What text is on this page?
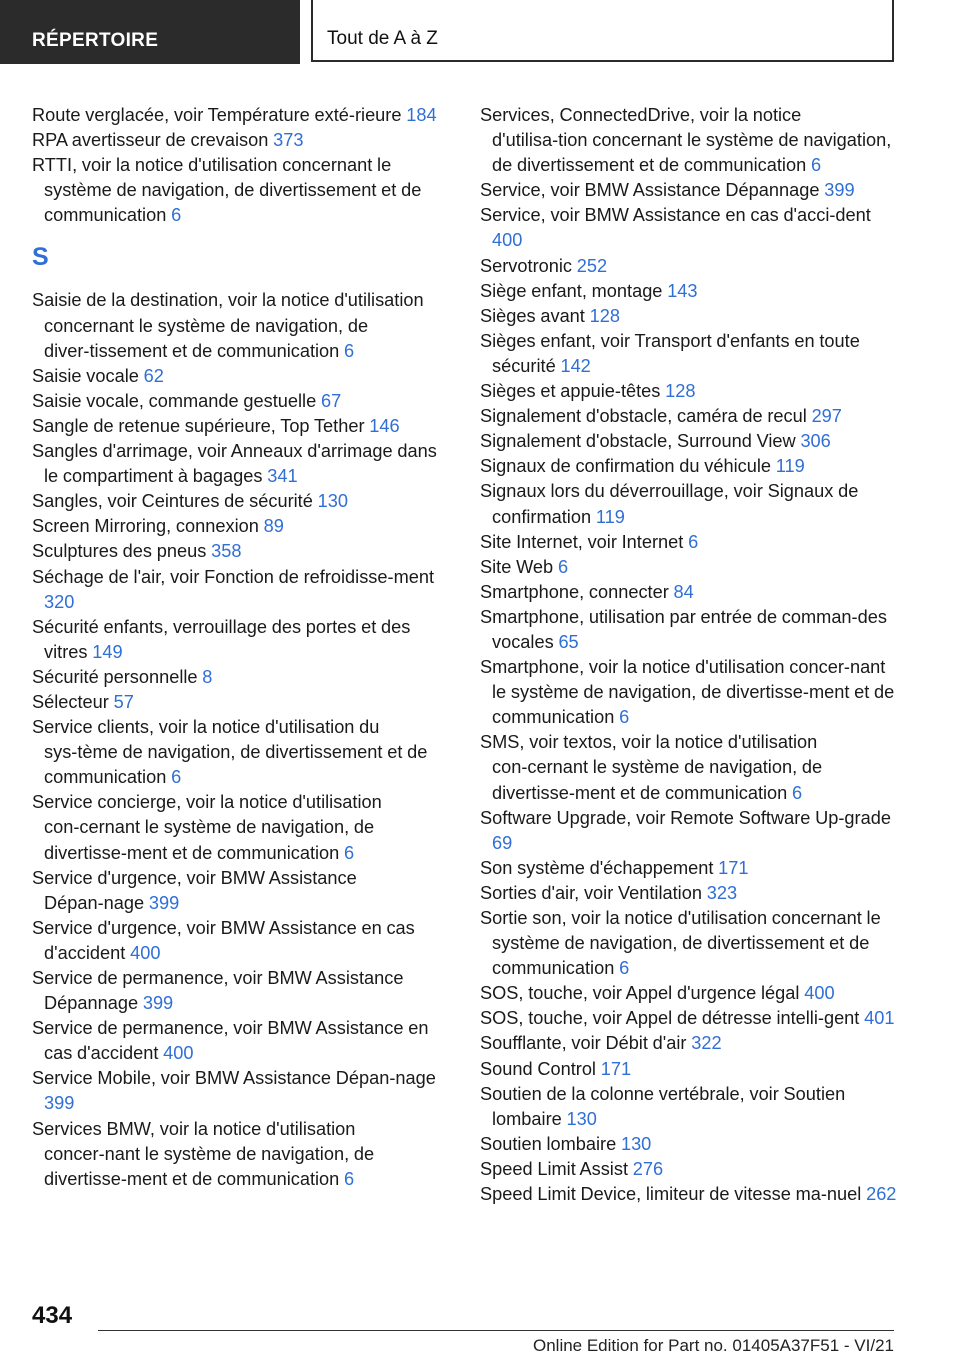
RÉPERTOIRE	Tout de A à Z

Route verglacée, voir Température exté‑rieure 184

RPA avertisseur de crevaison 373

RTTI, voir la notice d'utilisation concernant le système de navigation, de divertissement et de communication 6

S

Saisie de la destination, voir la notice d'utilisation concernant le système de navigation, de diver‑tissement et de communication 6

Saisie vocale 62

Saisie vocale, commande gestuelle 67

Sangle de retenue supérieure, Top Tether 146

Sangles d'arrimage, voir Anneaux d'arrimage dans le compartiment à bagages 341

Sangles, voir Ceintures de sécurité 130

Screen Mirroring, connexion 89

Sculptures des pneus 358

Séchage de l'air, voir Fonction de refroidisse‑ment 320

Sécurité enfants, verrouillage des portes et des vitres 149

Sécurité personnelle 8

Sélecteur 57

Service clients, voir la notice d'utilisation du sys‑tème de navigation, de divertissement et de communication 6

Service concierge, voir la notice d'utilisation con‑cernant le système de navigation, de divertisse‑ment et de communication 6

Service d'urgence, voir BMW Assistance Dépan‑nage 399

Service d'urgence, voir BMW Assistance en cas d'accident 400

Service de permanence, voir BMW Assistance Dépannage 399

Service de permanence, voir BMW Assistance en cas d'accident 400

Service Mobile, voir BMW Assistance Dépan‑nage 399

Services BMW, voir la notice d'utilisation concer‑nant le système de navigation, de divertisse‑ment et de communication 6

Services, ConnectedDrive, voir la notice d'utilisa‑tion concernant le système de navigation, de divertissement et de communication 6

Service, voir BMW Assistance Dépannage 399

Service, voir BMW Assistance en cas d'acci‑dent 400

Servotronic 252

Siège enfant, montage 143

Sièges avant 128

Sièges enfant, voir Transport d'enfants en toute sécurité 142

Sièges et appuie-têtes 128

Signalement d'obstacle, caméra de recul 297

Signalement d'obstacle, Surround View 306

Signaux de confirmation du véhicule 119

Signaux lors du déverrouillage, voir Signaux de confirmation 119

Site Internet, voir Internet 6

Site Web 6

Smartphone, connecter 84

Smartphone, utilisation par entrée de comman‑des vocales 65

Smartphone, voir la notice d'utilisation concer‑nant le système de navigation, de divertisse‑ment et de communication 6

SMS, voir textos, voir la notice d'utilisation con‑cernant le système de navigation, de divertisse‑ment et de communication 6

Software Upgrade, voir Remote Software Up‑grade 69

Son système d'échappement 171

Sorties d'air, voir Ventilation 323

Sortie son, voir la notice d'utilisation concernant le système de navigation, de divertissement et de communication 6

SOS, touche, voir Appel d'urgence légal 400

SOS, touche, voir Appel de détresse intelli‑gent 401

Soufflante, voir Débit d'air 322

Sound Control 171

Soutien de la colonne vertébrale, voir Soutien lombaire 130

Soutien lombaire 130

Speed Limit Assist 276

Speed Limit Device, limiteur de vitesse ma‑nuel 262

434
Online Edition for Part no. 01405A37F51 - VI/21
